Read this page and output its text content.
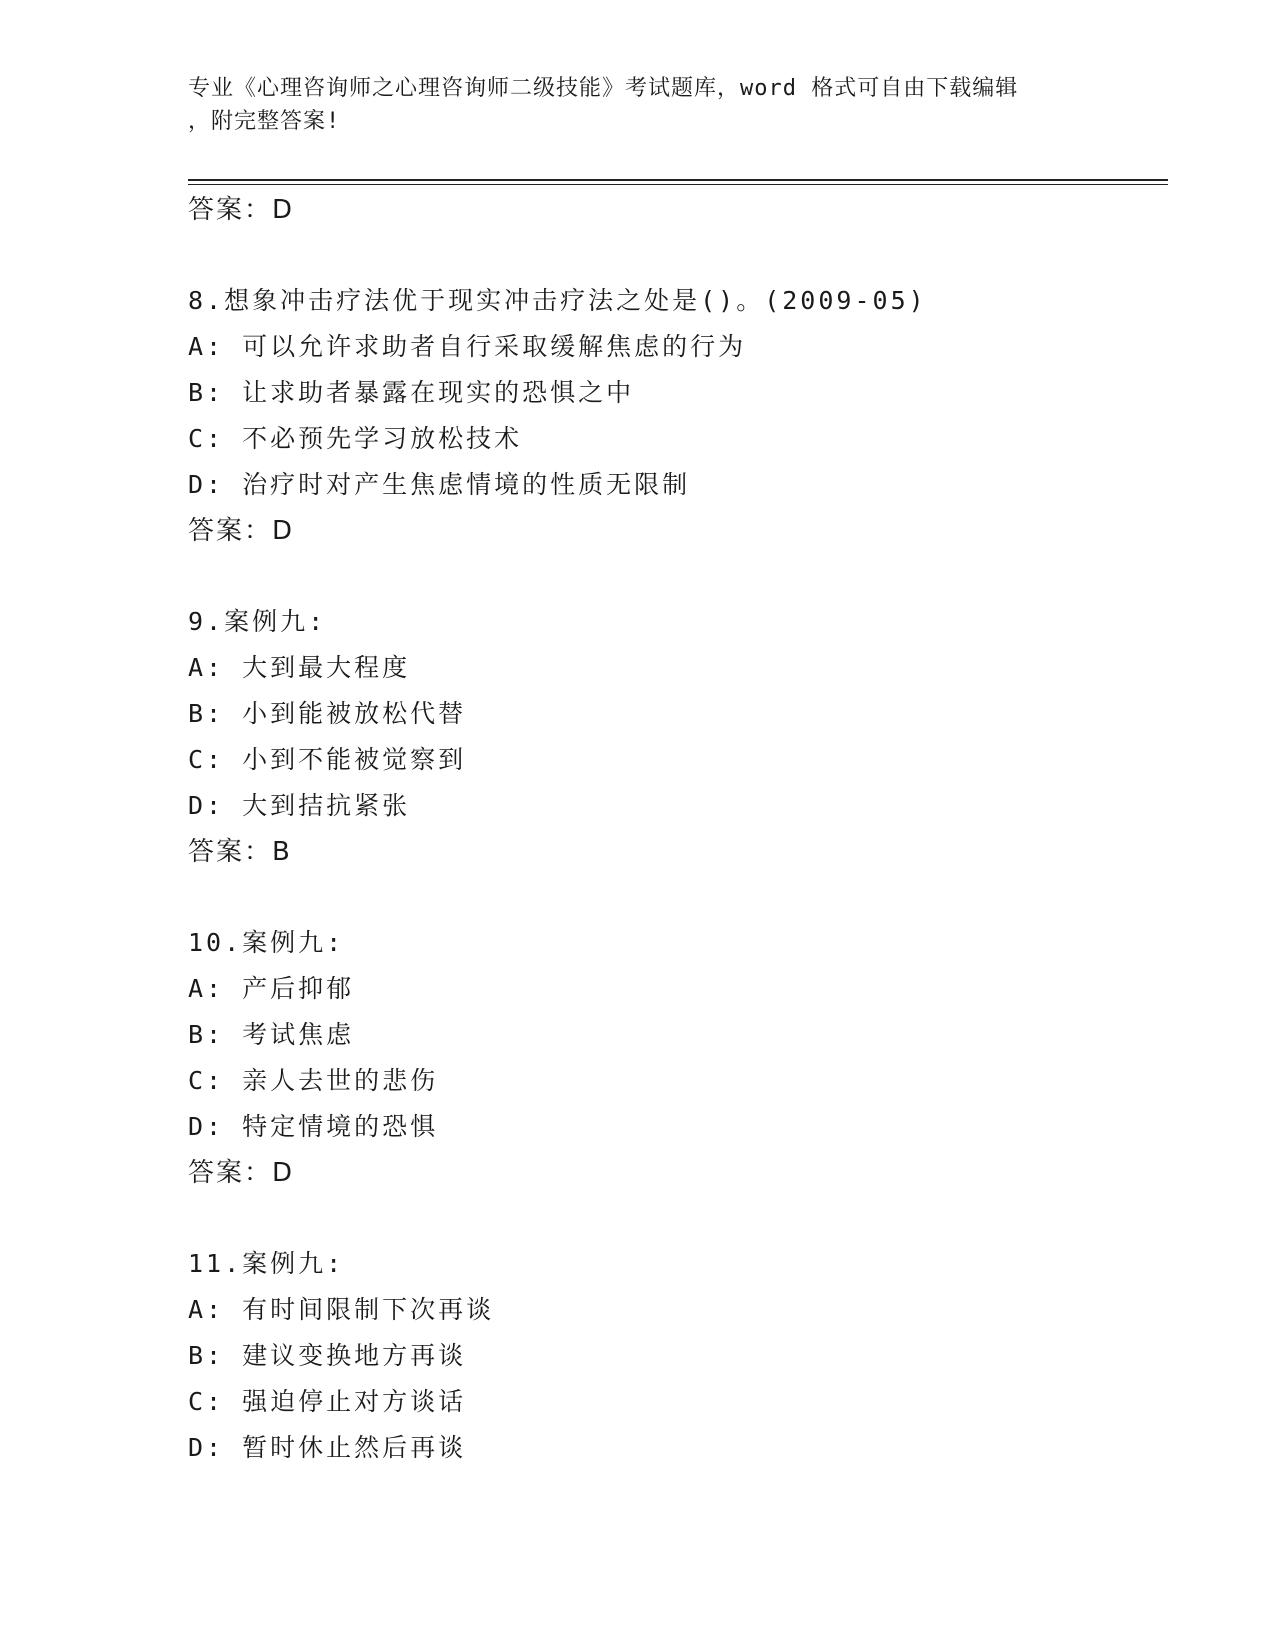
专业《心理咨询师之心理咨询师二级技能》考试题库，word 格式可自由下载编辑
，附完整答案!
答案：D
8.想象冲击疗法优于现实冲击疗法之处是()。(2009-05)
A: 可以允许求助者自行采取缓解焦虑的行为
B: 让求助者暴露在现实的恐惧之中
C: 不必预先学习放松技术
D: 治疗时对产生焦虑情境的性质无限制
答案：D
9.案例九:
A: 大到最大程度
B: 小到能被放松代替
C: 小到不能被觉察到
D: 大到拮抗紧张
答案：B
10.案例九:
A: 产后抑郁
B: 考试焦虑
C: 亲人去世的悲伤
D: 特定情境的恐惧
答案：D
11.案例九:
A: 有时间限制下次再谈
B: 建议变换地方再谈
C: 强迫停止对方谈话
D: 暂时休止然后再谈
